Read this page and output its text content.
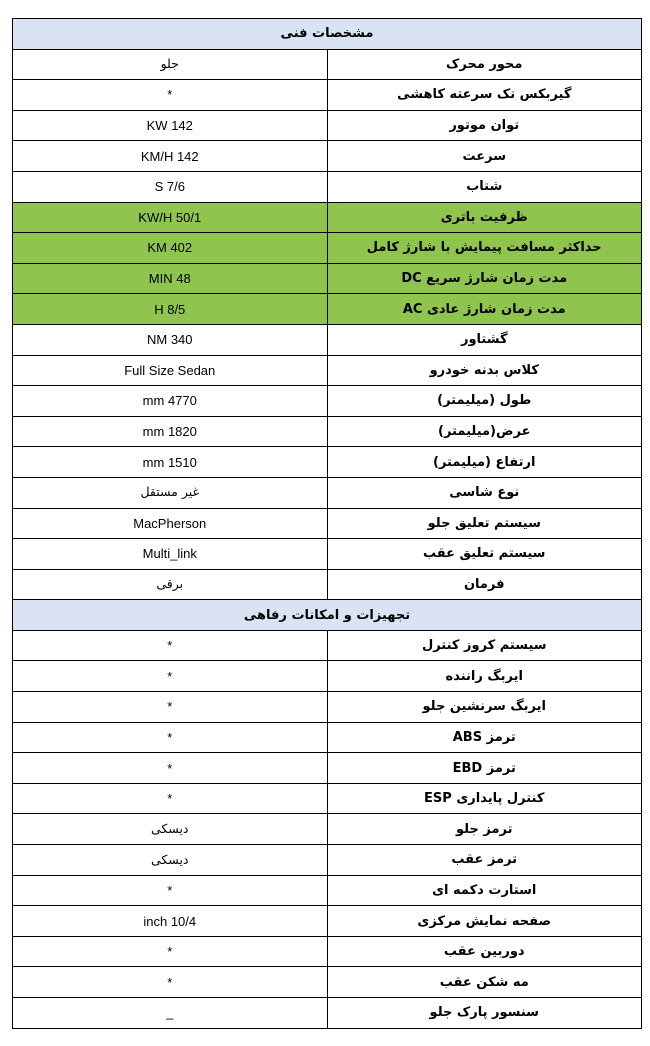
مشخصات فنی	
محور محرک	جلو
گیربکس تک سرعته کاهشی	*
توان موتور	142 KW
سرعت	142 KM/H
شتاب	7/6 S
ظرفیت باتری	50/1 KW/H
حداکثر مسافت پیمایش با شارژ کامل	402 KM
مدت زمان شارژ سریع DC	48 MIN
مدت زمان شارژ عادی AC	8/5 H
گشتاور	340 NM
کلاس بدنه خودرو	Full Size Sedan
طول (میلیمتر)	4770 mm
عرض(میلیمتر)	1820 mm
ارتفاع (میلیمتر)	1510 mm
نوع شاسی	غیر مستقل
سیستم تعلیق جلو	MacPherson
سیستم تعلیق عقب	Multi_link
فرمان	برقی
تجهیزات و امکانات رفاهی	
سیستم کروز کنترل	*
ایربگ راننده	*
ایربگ سرنشین جلو	*
ترمز ABS	*
ترمز EBD	*
کنترل پایداری ESP	*
ترمز جلو	دیسکی
ترمز عقب	دیسکی
استارت دکمه ای	*
صفحه نمایش مرکزی	10/4 inch
دوربین عقب	*
مه شکن عقب	*
سنسور پارک جلو	_
